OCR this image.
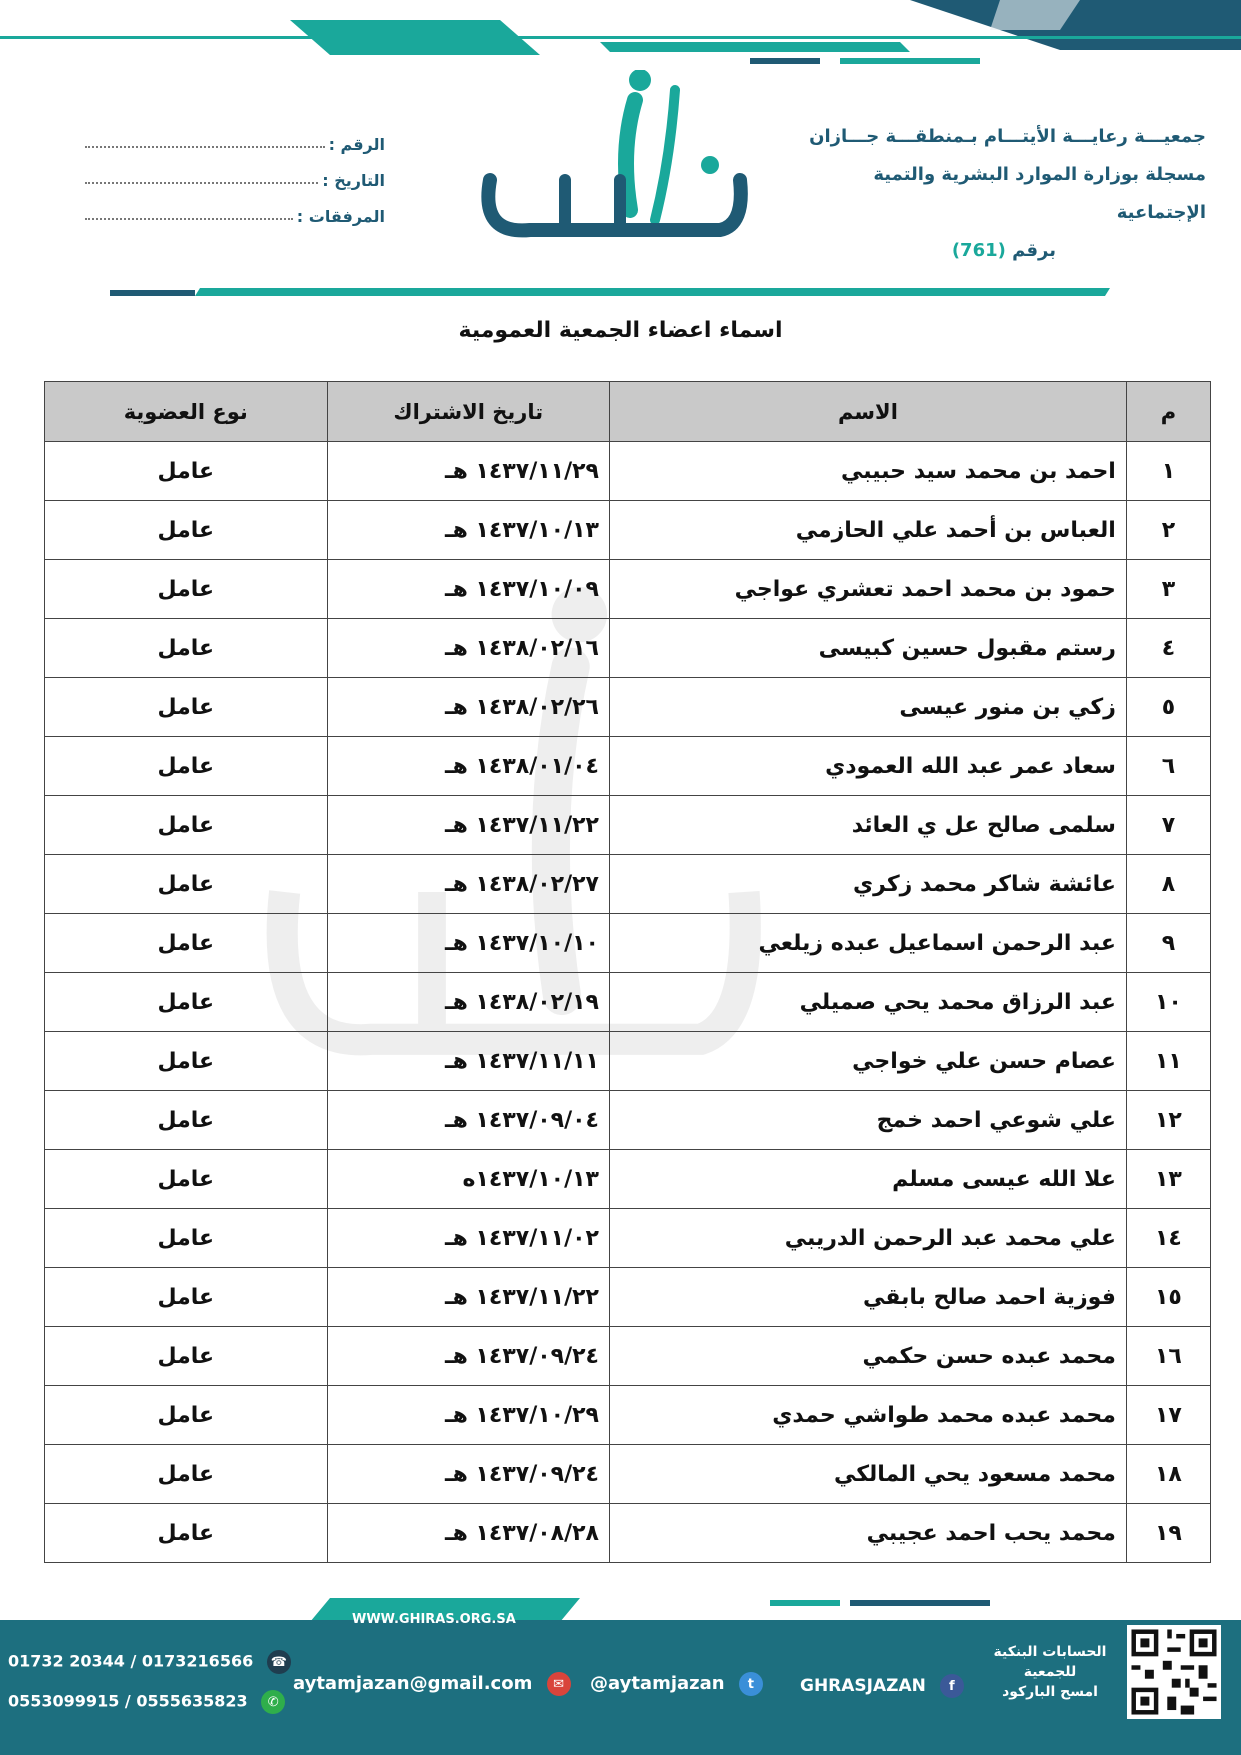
جمعيـــة رعايـــة الأيتـــام بـمنطقـــة جـــازان
مسجلة بوزارة الموارد البشرية والتمية الإجتماعية
برقم (761)
الرقم :
التاريخ :
المرفقات :
اسماء اعضاء الجمعية العمومية
م	الاسم	تاريخ الاشتراك	نوع العضوية
١	احمد بن محمد سيد حبيبي	١٤٣٧/١١/٢٩ هـ	عامل
٢	العباس بن أحمد علي الحازمي	١٤٣٧/١٠/١٣ هـ	عامل
٣	حمود بن محمد احمد تعشري عواجي	١٤٣٧/١٠/٠٩ هـ	عامل
٤	رستم مقبول حسين كبيسى	١٤٣٨/٠٢/١٦ هـ	عامل
٥	زكي بن منور عيسى	١٤٣٨/٠٢/٢٦ هـ	عامل
٦	سعاد عمر عبد الله العمودي	١٤٣٨/٠١/٠٤ هـ	عامل
٧	سلمى صالح عل ي العائد	١٤٣٧/١١/٢٢ هـ	عامل
٨	عائشة شاكر محمد زكري	١٤٣٨/٠٢/٢٧ هـ	عامل
٩	عبد الرحمن اسماعيل عبده زيلعي	١٤٣٧/١٠/١٠ هـ	عامل
١٠	عبد الرزاق محمد يحي صميلي	١٤٣٨/٠٢/١٩ هـ	عامل
١١	عصام حسن علي خواجي	١٤٣٧/١١/١١ هـ	عامل
١٢	علي شوعي احمد خمج	١٤٣٧/٠٩/٠٤ هـ	عامل
١٣	علا الله عيسى مسلم	١٤٣٧/١٠/١٣ه	عامل
١٤	علي محمد عبد الرحمن الدريبي	١٤٣٧/١١/٠٢ هـ	عامل
١٥	فوزية احمد صالح بابقي	١٤٣٧/١١/٢٢ هـ	عامل
١٦	محمد عبده حسن حكمي	١٤٣٧/٠٩/٢٤ هـ	عامل
١٧	محمد عبده محمد طواشي حمدي	١٤٣٧/١٠/٢٩ هـ	عامل
١٨	محمد مسعود يحي المالكي	١٤٣٧/٠٩/٢٤ هـ	عامل
١٩	محمد يحب احمد عجيبي	١٤٣٧/٠٨/٢٨ هـ	عامل
WWW.GHIRAS.ORG.SA
01732 20344 / 0173216566 ☎
0553099915 / 0555635823 ✆
aytamjazan@gmail.com ✉	@aytamjazan t	GHRASJAZAN f
الحسابات البنكية
للجمعية
امسح الباركود
